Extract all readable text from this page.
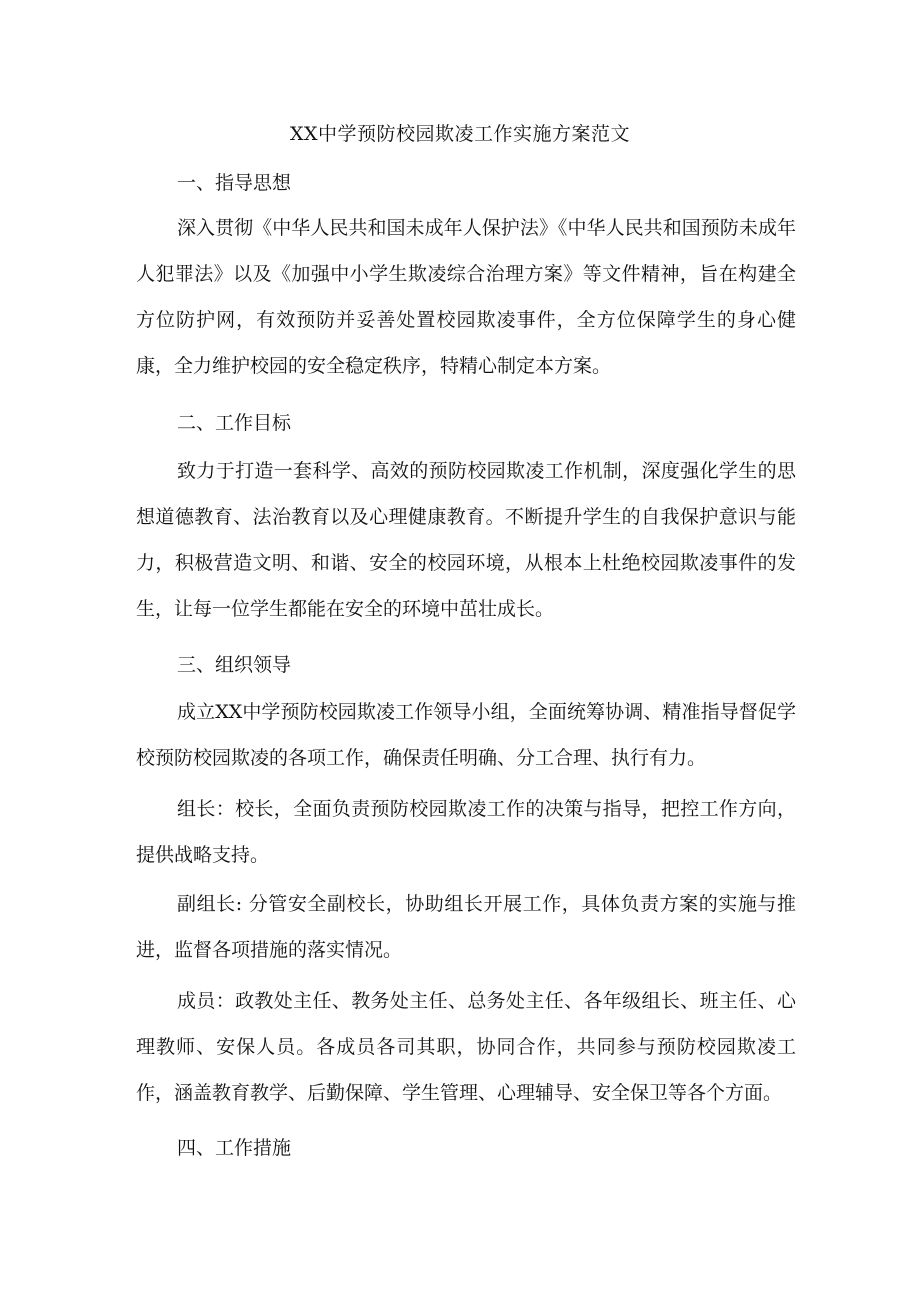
XX中学预防校园欺凌工作实施方案范文

一、指导思想

深入贯彻《中华人民共和国未成年人保护法》《中华人民共和国预防未成年人犯罪法》以及《加强中小学生欺凌综合治理方案》等文件精神，旨在构建全方位防护网，有效预防并妥善处置校园欺凌事件，全方位保障学生的身心健康，全力维护校园的安全稳定秩序，特精心制定本方案。

二、工作目标

致力于打造一套科学、高效的预防校园欺凌工作机制，深度强化学生的思想道德教育、法治教育以及心理健康教育。不断提升学生的自我保护意识与能力，积极营造文明、和谐、安全的校园环境，从根本上杜绝校园欺凌事件的发生，让每一位学生都能在安全的环境中茁壮成长。

三、组织领导

成立XX中学预防校园欺凌工作领导小组，全面统筹协调、精准指导督促学校预防校园欺凌的各项工作，确保责任明确、分工合理、执行有力。

组长：校长，全面负责预防校园欺凌工作的决策与指导，把控工作方向，提供战略支持。

副组长: 分管安全副校长，协助组长开展工作，具体负责方案的实施与推进，监督各项措施的落实情况。

成员：政教处主任、教务处主任、总务处主任、各年级组长、班主任、心理教师、安保人员。各成员各司其职，协同合作，共同参与预防校园欺凌工作，涵盖教育教学、后勤保障、学生管理、心理辅导、安全保卫等各个方面。

四、工作措施
